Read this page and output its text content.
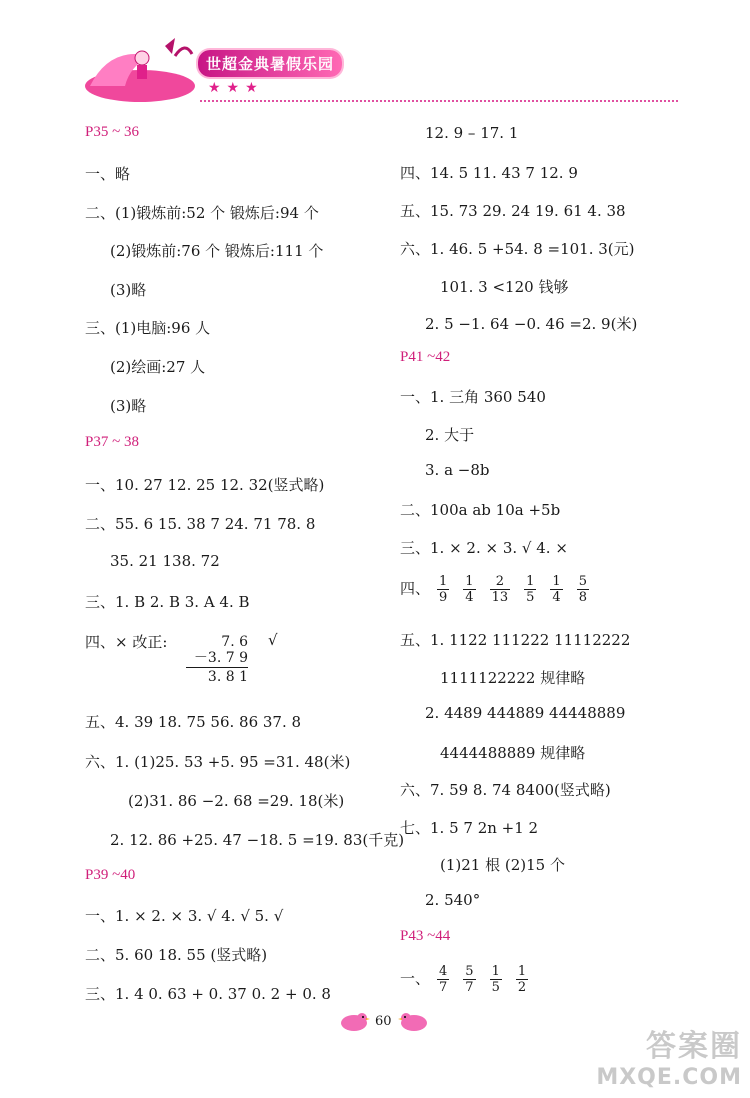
世超金典暑假乐园
★★★
P35 ~ 36
一、略
二、(1)锻炼前:52 个 锻炼后:94 个
(2)锻炼前:76 个 锻炼后:111 个
(3)略
三、(1)电脑:96 人
(2)绘画:27 人
(3)略
P37 ~ 38
一、10. 27 12. 25 12. 32(竖式略)
二、55. 6 15. 38 7 24. 71 78. 8
35. 21 138. 72
三、1. B 2. B 3. A 4. B
四、× 改正:	√
7. 6
－3. 7 9
3. 8 1
五、4. 39 18. 75 56. 86 37. 8
六、1. (1)25. 53 +5. 95 =31. 48(米)
(2)31. 86 −2. 68 =29. 18(米)
2. 12. 86 +25. 47 −18. 5 =19. 83(千克)
P39 ~40
一、1. × 2. × 3. √ 4. √ 5. √
二、5. 60 18. 55 (竖式略)
三、1. 4 0. 63 + 0. 37 0. 2 + 0. 8
12. 9 – 17. 1
四、14. 5 11. 43 7 12. 9
五、15. 73 29. 24 19. 61 4. 38
六、1. 46. 5 +54. 8 =101. 3(元)
101. 3 <120 钱够
2. 5 −1. 64 −0. 46 =2. 9(米)
P41 ~42
一、1. 三角 360 540
2. 大于
3. a −8b
二、100a ab 10a +5b
三、1. × 2. × 3. √ 4. ×
四、 $\frac{1}{9} \frac{1}{4} \frac{2}{13} \frac{1}{5} \frac{1}{4} \frac{5}{8}$
五、1. 1122 111222 11112222
1111122222 规律略
2. 4489 444889 44448889
4444488889 规律略
六、7. 59 8. 74 8400(竖式略)
七、1. 5 7 2n +1 2
(1)21 根 (2)15 个
2. 540°
P43 ~44
一、 $\frac{4}{7} \frac{5}{7} \frac{1}{5} \frac{1}{2}$
60
答案圈
MXQE.COM
